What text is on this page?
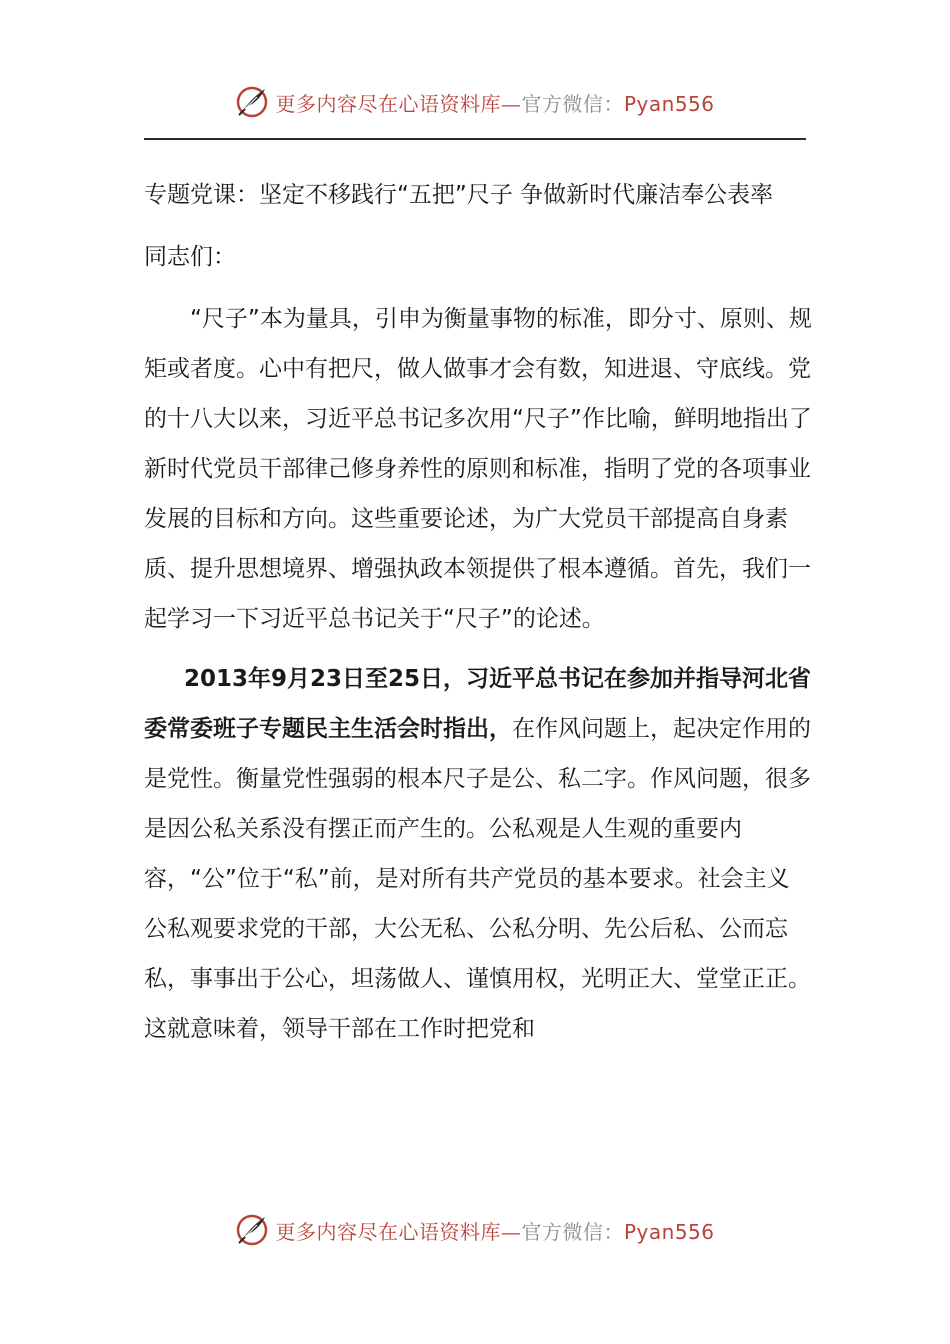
更多内容尽在心语资料库—官方微信：Pyan556

专题党课：坚定不移践行“五把”尺子 争做新时代廉洁奉公表率

同志们：

“尺子”本为量具，引申为衡量事物的标准，即分寸、原则、规矩或者度。心中有把尺，做人做事才会有数，知进退、守底线。党的十八大以来，习近平总书记多次用“尺子”作比喻，鲜明地指出了新时代党员干部律己修身养性的原则和标准，指明了党的各项事业发展的目标和方向。这些重要论述，为广大党员干部提高自身素质、提升思想境界、增强执政本领提供了根本遵循。首先，我们一起学习一下习近平总书记关于“尺子”的论述。

2013年9月23日至25日，习近平总书记在参加并指导河北省委常委班子专题民主生活会时指出，在作风问题上，起决定作用的是党性。衡量党性强弱的根本尺子是公、私二字。作风问题，很多是因公私关系没有摆正而产生的。公私观是人生观的重要内容，“公”位于“私”前，是对所有共产党员的基本要求。社会主义公私观要求党的干部，大公无私、公私分明、先公后私、公而忘私，事事出于公心，坦荡做人、谨慎用权，光明正大、堂堂正正。这就意味着，领导干部在工作时把党和

更多内容尽在心语资料库—官方微信：Pyan556
